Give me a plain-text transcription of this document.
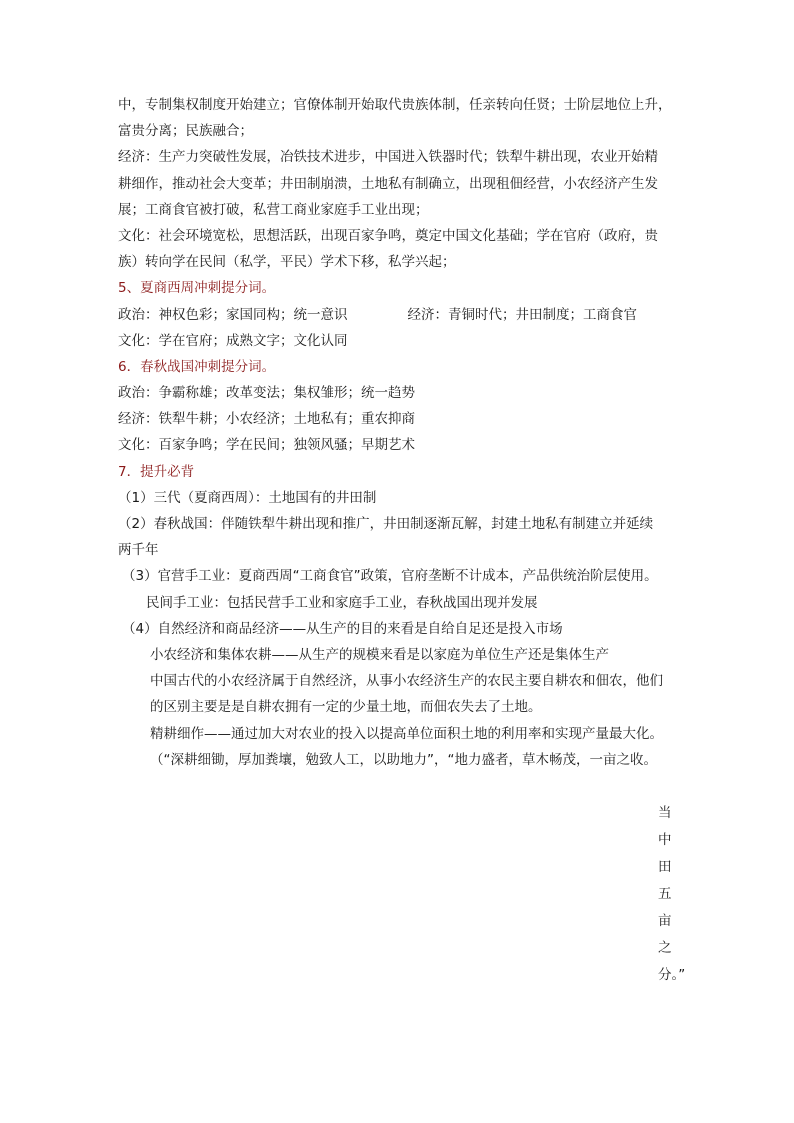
中，专制集权制度开始建立；官僚体制开始取代贵族体制，任亲转向任贤；士阶层地位上升，
富贵分离；民族融合；
经济：生产力突破性发展，冶铁技术进步，中国进入铁器时代；铁犁牛耕出现，农业开始精
耕细作，推动社会大变革；井田制崩溃，土地私有制确立，出现租佃经营，小农经济产生发
展；工商食官被打破，私营工商业家庭手工业出现；
文化：社会环境宽松，思想活跃，出现百家争鸣，奠定中国文化基础；学在官府（政府，贵
族）转向学在民间（私学，平民）学术下移，私学兴起；
5、夏商西周冲刺提分词。
政治：神权色彩；家国同构；统一意识	经济：青铜时代；井田制度；工商食官
文化：学在官府；成熟文字；文化认同
6．春秋战国冲刺提分词。
政治：争霸称雄；改革变法；集权雏形；统一趋势
经济：铁犁牛耕；小农经济；土地私有；重农抑商
文化：百家争鸣；学在民间；独领风骚；早期艺术
7．提升必背
（1）三代（夏商西周）：土地国有的井田制
（2）春秋战国：伴随铁犁牛耕出现和推广，井田制逐渐瓦解，封建土地私有制建立并延续
两千年
（3）官营手工业：夏商西周“工商食官”政策，官府垄断不计成本，产品供统治阶层使用。
民间手工业：包括民营手工业和家庭手工业，春秋战国出现并发展
（4）自然经济和商品经济——从生产的目的来看是自给自足还是投入市场
小农经济和集体农耕——从生产的规模来看是以家庭为单位生产还是集体生产
中国古代的小农经济属于自然经济，从事小农经济生产的农民主要自耕农和佃农，他们
的区别主要是是自耕农拥有一定的少量土地，而佃农失去了土地。
精耕细作——通过加大对农业的投入以提高单位面积土地的利用率和实现产量最大化。
（“深耕细锄，厚加粪壤，勉致人工，以助地力”，“地力盛者，草木畅茂，一亩之收。
当
中
田
五
亩
之
分。”
